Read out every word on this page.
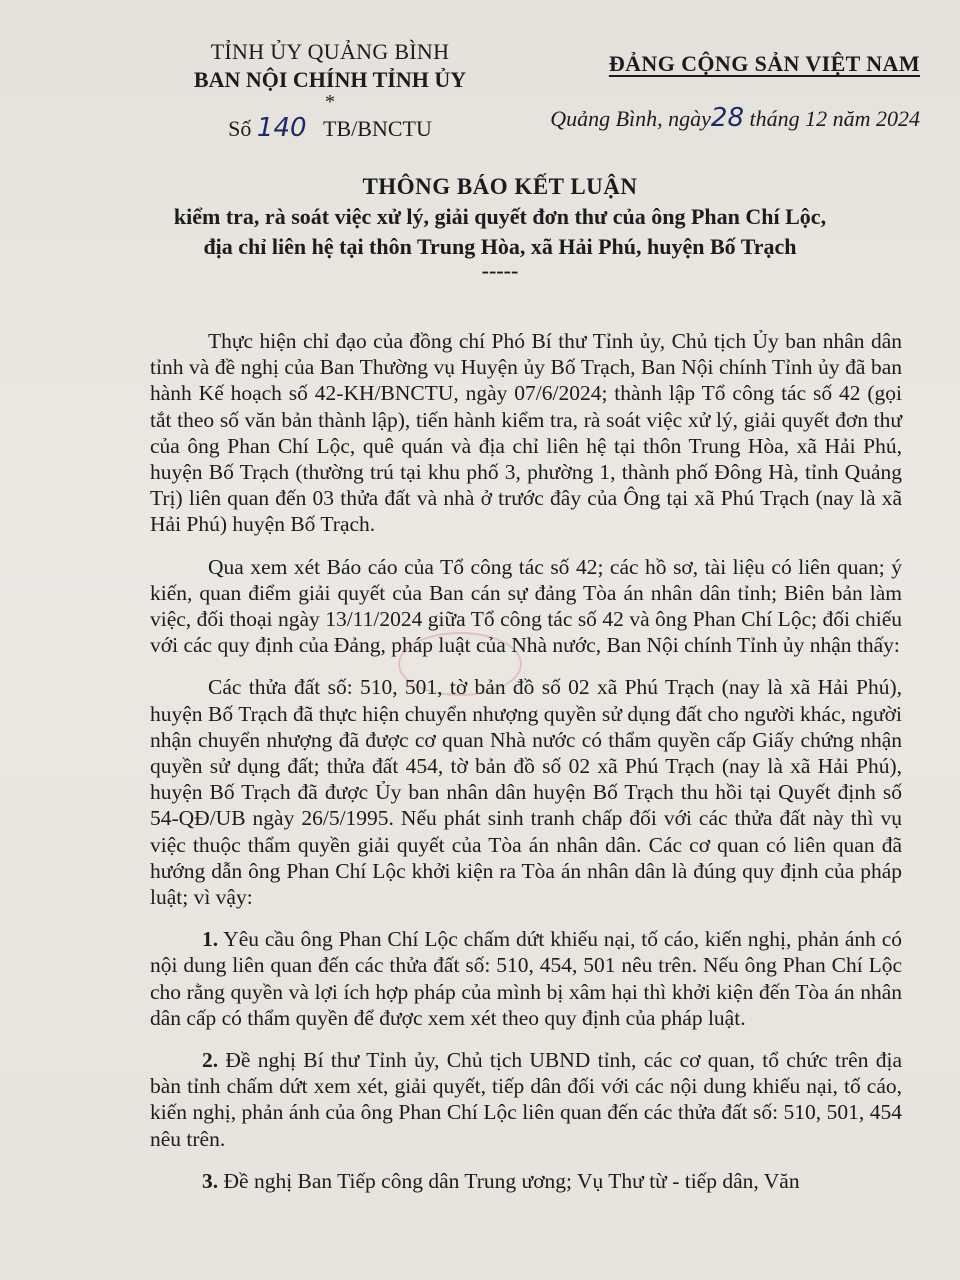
TỈNH ỦY QUẢNG BÌNH
BAN NỘI CHÍNH TỈNH ỦY
*
Số 140 TB/BNCTU
ĐẢNG CỘNG SẢN VIỆT NAM
Quảng Bình, ngày28 tháng 12 năm 2024
THÔNG BÁO KẾT LUẬN
kiểm tra, rà soát việc xử lý, giải quyết đơn thư của ông Phan Chí Lộc,
địa chỉ liên hệ tại thôn Trung Hòa, xã Hải Phú, huyện Bố Trạch
-----

Thực hiện chỉ đạo của đồng chí Phó Bí thư Tỉnh ủy, Chủ tịch Ủy ban nhân dân tỉnh và đề nghị của Ban Thường vụ Huyện ủy Bố Trạch, Ban Nội chính Tỉnh ủy đã ban hành Kế hoạch số 42-KH/BNCTU, ngày 07/6/2024; thành lập Tổ công tác số 42 (gọi tắt theo số văn bản thành lập), tiến hành kiểm tra, rà soát việc xử lý, giải quyết đơn thư của ông Phan Chí Lộc, quê quán và địa chỉ liên hệ tại thôn Trung Hòa, xã Hải Phú, huyện Bố Trạch (thường trú tại khu phố 3, phường 1, thành phố Đông Hà, tỉnh Quảng Trị) liên quan đến 03 thửa đất và nhà ở trước đây của Ông tại xã Phú Trạch (nay là xã Hải Phú) huyện Bố Trạch.

Qua xem xét Báo cáo của Tổ công tác số 42; các hồ sơ, tài liệu có liên quan; ý kiến, quan điểm giải quyết của Ban cán sự đảng Tòa án nhân dân tỉnh; Biên bản làm việc, đối thoại ngày 13/11/2024 giữa Tổ công tác số 42 và ông Phan Chí Lộc; đối chiếu với các quy định của Đảng, pháp luật của Nhà nước, Ban Nội chính Tỉnh ủy nhận thấy:

Các thửa đất số: 510, 501, tờ bản đồ số 02 xã Phú Trạch (nay là xã Hải Phú), huyện Bố Trạch đã thực hiện chuyển nhượng quyền sử dụng đất cho người khác, người nhận chuyển nhượng đã được cơ quan Nhà nước có thẩm quyền cấp Giấy chứng nhận quyền sử dụng đất; thửa đất 454, tờ bản đồ số 02 xã Phú Trạch (nay là xã Hải Phú), huyện Bố Trạch đã được Ủy ban nhân dân huyện Bố Trạch thu hồi tại Quyết định số 54-QĐ/UB ngày 26/5/1995. Nếu phát sinh tranh chấp đối với các thửa đất này thì vụ việc thuộc thẩm quyền giải quyết của Tòa án nhân dân. Các cơ quan có liên quan đã hướng dẫn ông Phan Chí Lộc khởi kiện ra Tòa án nhân dân là đúng quy định của pháp luật; vì vậy:

1. Yêu cầu ông Phan Chí Lộc chấm dứt khiếu nại, tố cáo, kiến nghị, phản ánh có nội dung liên quan đến các thửa đất số: 510, 454, 501 nêu trên. Nếu ông Phan Chí Lộc cho rằng quyền và lợi ích hợp pháp của mình bị xâm hại thì khởi kiện đến Tòa án nhân dân cấp có thẩm quyền để được xem xét theo quy định của pháp luật.

2. Đề nghị Bí thư Tỉnh ủy, Chủ tịch UBND tỉnh, các cơ quan, tổ chức trên địa bàn tỉnh chấm dứt xem xét, giải quyết, tiếp dân đối với các nội dung khiếu nại, tố cáo, kiến nghị, phản ánh của ông Phan Chí Lộc liên quan đến các thửa đất số: 510, 501, 454 nêu trên.

3. Đề nghị Ban Tiếp công dân Trung ương; Vụ Thư từ - tiếp dân, Văn
